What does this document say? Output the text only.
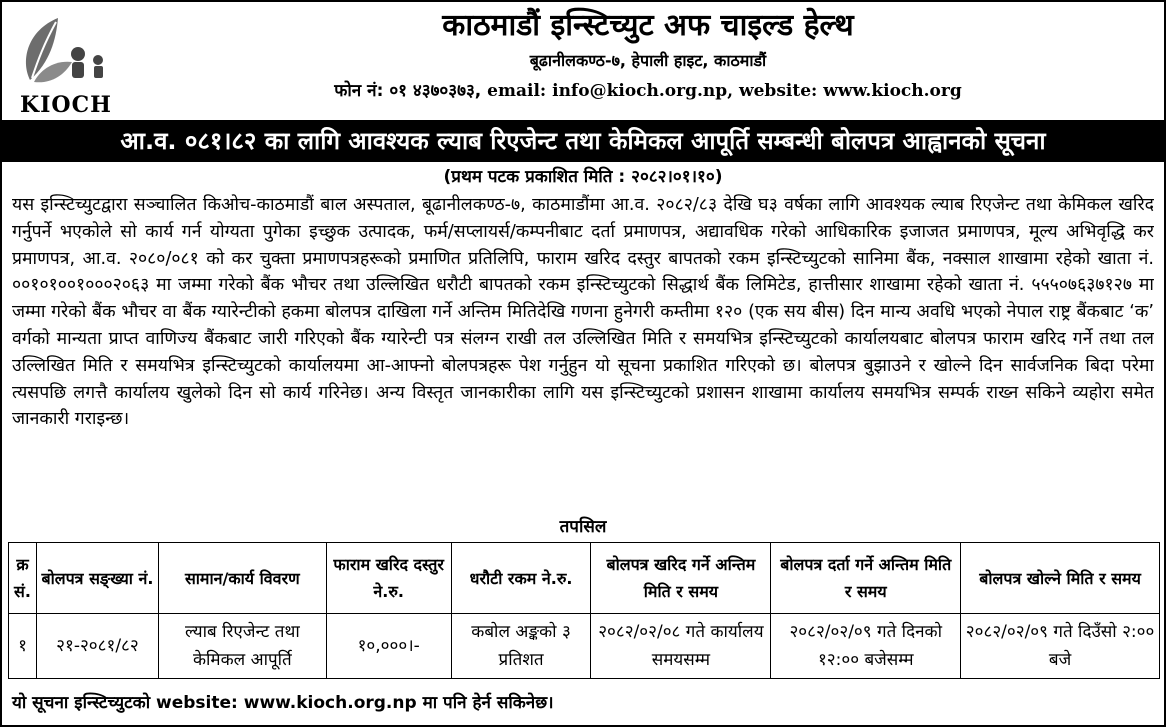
KIOCH
काठमाडौं इन्स्टिच्युट अफ चाइल्ड हेल्थ
बूढानीलकण्ठ-७, हेपाली हाइट, काठमाडौं
फोन नं: ०१ ४३७०३७३, email: info@kioch.org.np, website: www.kioch.org
आ.व. ०८१।८२ का लागि आवश्यक ल्याब रिएजेन्ट तथा केमिकल आपूर्ति सम्बन्धी बोलपत्र आह्वानको सूचना
(प्रथम पटक प्रकाशित मिति : २०८२।०१।१०)
यस इन्स्टिच्युटद्वारा सञ्चालित किओच-काठमाडौं बाल अस्पताल, बूढानीलकण्ठ-७, काठमाडौंमा आ.व. २०८२/८३ देखि घ३ वर्षका लागि आवश्यक ल्याब रिएजेन्ट तथा केमिकल खरिद गर्नुपर्ने भएकोले सो कार्य गर्न योग्यता पुगेका इच्छुक उत्पादक, फर्म/सप्लायर्स/कम्पनीबाट दर्ता प्रमाणपत्र, अद्यावधिक गरेको आधिकारिक इजाजत प्रमाणपत्र, मूल्य अभिवृद्धि कर प्रमाणपत्र, आ.व. २०८०/०८१ को कर चुक्ता प्रमाणपत्रहरूको प्रमाणित प्रतिलिपि, फाराम खरिद दस्तुर बापतको रकम इन्स्टिच्युटको सानिमा बैंक, नक्साल शाखामा रहेको खाता नं. ००१०१००१०००२०६३ मा जम्मा गरेको बैंक भौचर तथा उल्लिखित धरौटी बापतको रकम इन्स्टिच्युटको सिद्धार्थ बैंक लिमिटेड, हात्तीसार शाखामा रहेको खाता नं. ५५५०७६३७१२७ मा जम्मा गरेको बैंक भौचर वा बैंक ग्यारेन्टीको हकमा बोलपत्र दाखिला गर्ने अन्तिम मितिदेखि गणना हुनेगरी कम्तीमा १२० (एक सय बीस) दिन मान्य अवधि भएको नेपाल राष्ट्र बैंकबाट ‘क’ वर्गको मान्यता प्राप्त वाणिज्य बैंकबाट जारी गरिएको बैंक ग्यारेन्टी पत्र संलग्न राखी तल उल्लिखित मिति र समयभित्र इन्स्टिच्युटको कार्यालयबाट बोलपत्र फाराम खरिद गर्ने तथा तल उल्लिखित मिति र समयभित्र इन्स्टिच्युटको कार्यालयमा आ-आफ्नो बोलपत्रहरू पेश गर्नुहुन यो सूचना प्रकाशित गरिएको छ। बोलपत्र बुझाउने र खोल्ने दिन सार्वजनिक बिदा परेमा त्यसपछि लगत्तै कार्यालय खुलेको दिन सो कार्य गरिनेछ। अन्य विस्तृत जानकारीका लागि यस इन्स्टिच्युटको प्रशासन शाखामा कार्यालय समयभित्र सम्पर्क राख्न सकिने व्यहोरा समेत जानकारी गराइन्छ।
तपसिल
क्र सं.	बोलपत्र सङ्ख्या नं.	सामान/कार्य विवरण	फाराम खरिद दस्तुर ने.रु.	धरौटी रकम ने.रु.	बोलपत्र खरिद गर्ने अन्तिम मिति र समय	बोलपत्र दर्ता गर्ने अन्तिम मिति र समय	बोलपत्र खोल्ने मिति र समय
१	२१-२०८१/८२	ल्याब रिएजेन्ट तथा केमिकल आपूर्ति	१०,०००।-	कबोल अङ्कको ३ प्रतिशत	२०८२/०२/०८ गते कार्यालय समयसम्म	२०८२/०२/०९ गते दिनको १२:०० बजेसम्म	२०८२/०२/०९ गते दिउँसो २:०० बजे
यो सूचना इन्स्टिच्युटको website: www.kioch.org.np मा पनि हेर्न सकिनेछ।
